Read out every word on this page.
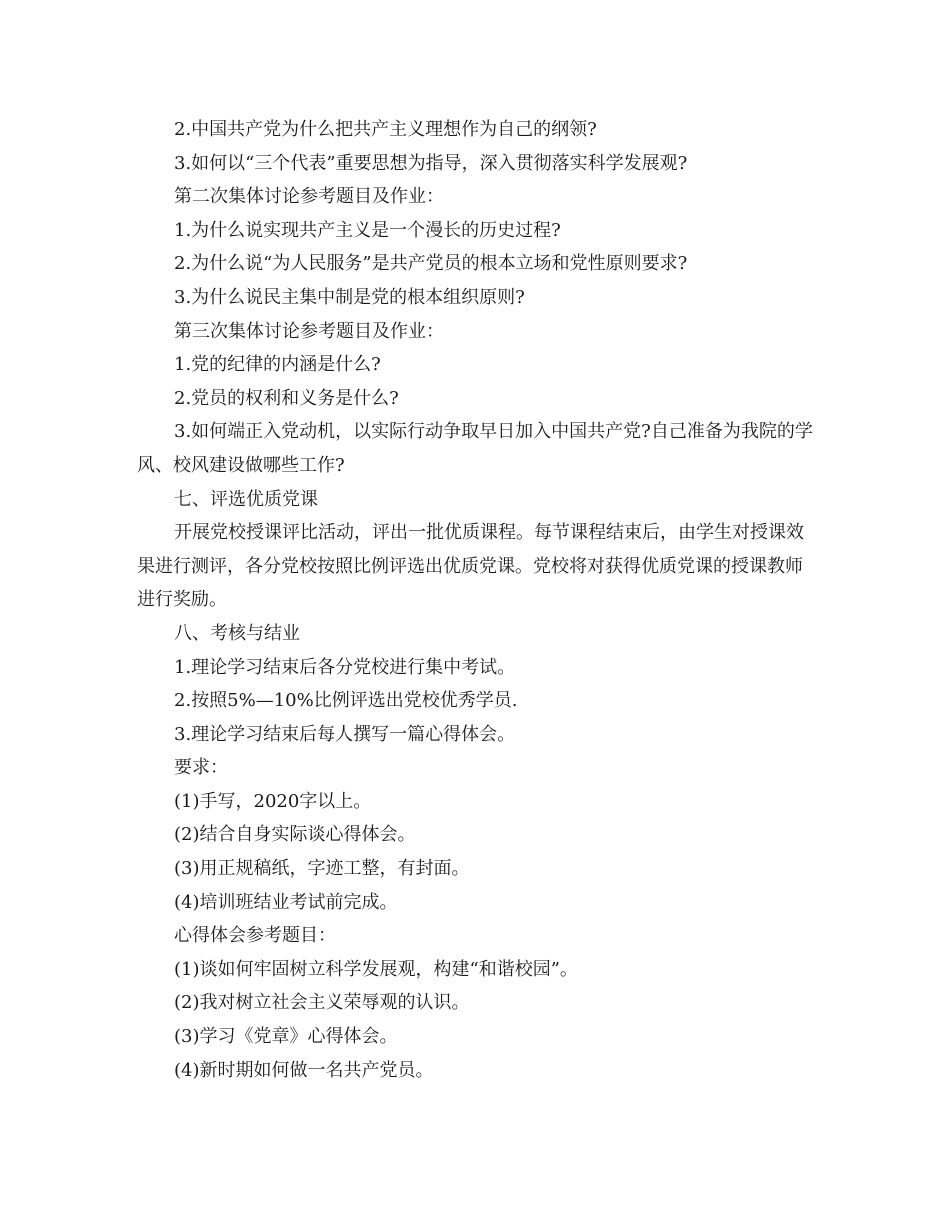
2.中国共产党为什么把共产主义理想作为自己的纲领?

3.如何以“三个代表”重要思想为指导，深入贯彻落实科学发展观?

第二次集体讨论参考题目及作业：

1.为什么说实现共产主义是一个漫长的历史过程?

2.为什么说“为人民服务”是共产党员的根本立场和党性原则要求?

3.为什么说民主集中制是党的根本组织原则?

第三次集体讨论参考题目及作业：

1.党的纪律的内涵是什么?

2.党员的权利和义务是什么?

3.如何端正入党动机，以实际行动争取早日加入中国共产党?自己准备为我院的学风、校风建设做哪些工作?

七、评选优质党课

开展党校授课评比活动，评出一批优质课程。每节课程结束后，由学生对授课效果进行测评，各分党校按照比例评选出优质党课。党校将对获得优质党课的授课教师进行奖励。

八、考核与结业

1.理论学习结束后各分党校进行集中考试。

2.按照5%—10%比例评选出党校优秀学员.

3.理论学习结束后每人撰写一篇心得体会。

要求：

(1)手写，2020字以上。

(2)结合自身实际谈心得体会。

(3)用正规稿纸，字迹工整，有封面。

(4)培训班结业考试前完成。

心得体会参考题目：

(1)谈如何牢固树立科学发展观，构建“和谐校园”。

(2)我对树立社会主义荣辱观的认识。

(3)学习《党章》心得体会。

(4)新时期如何做一名共产党员。
